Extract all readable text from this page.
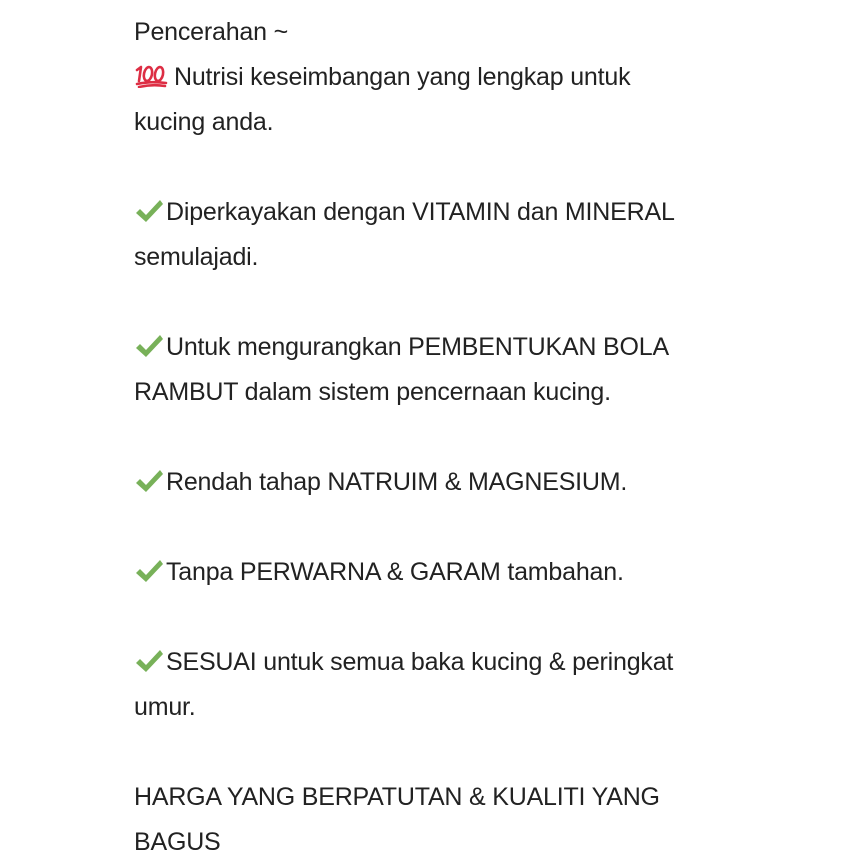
Pencerahan ~
Nutrisi keseimbangan yang lengkap untuk
kucing anda.
Diperkayakan dengan VITAMIN dan MINERAL
semulajadi.
Untuk mengurangkan PEMBENTUKAN BOLA
RAMBUT dalam sistem pencernaan kucing.
Rendah tahap NATRUIM & MAGNESIUM.
Tanpa PERWARNA & GARAM tambahan.
SESUAI untuk semua baka kucing & peringkat
umur.
HARGA YANG BERPATUTAN & KUALITI YANG
BAGUS
